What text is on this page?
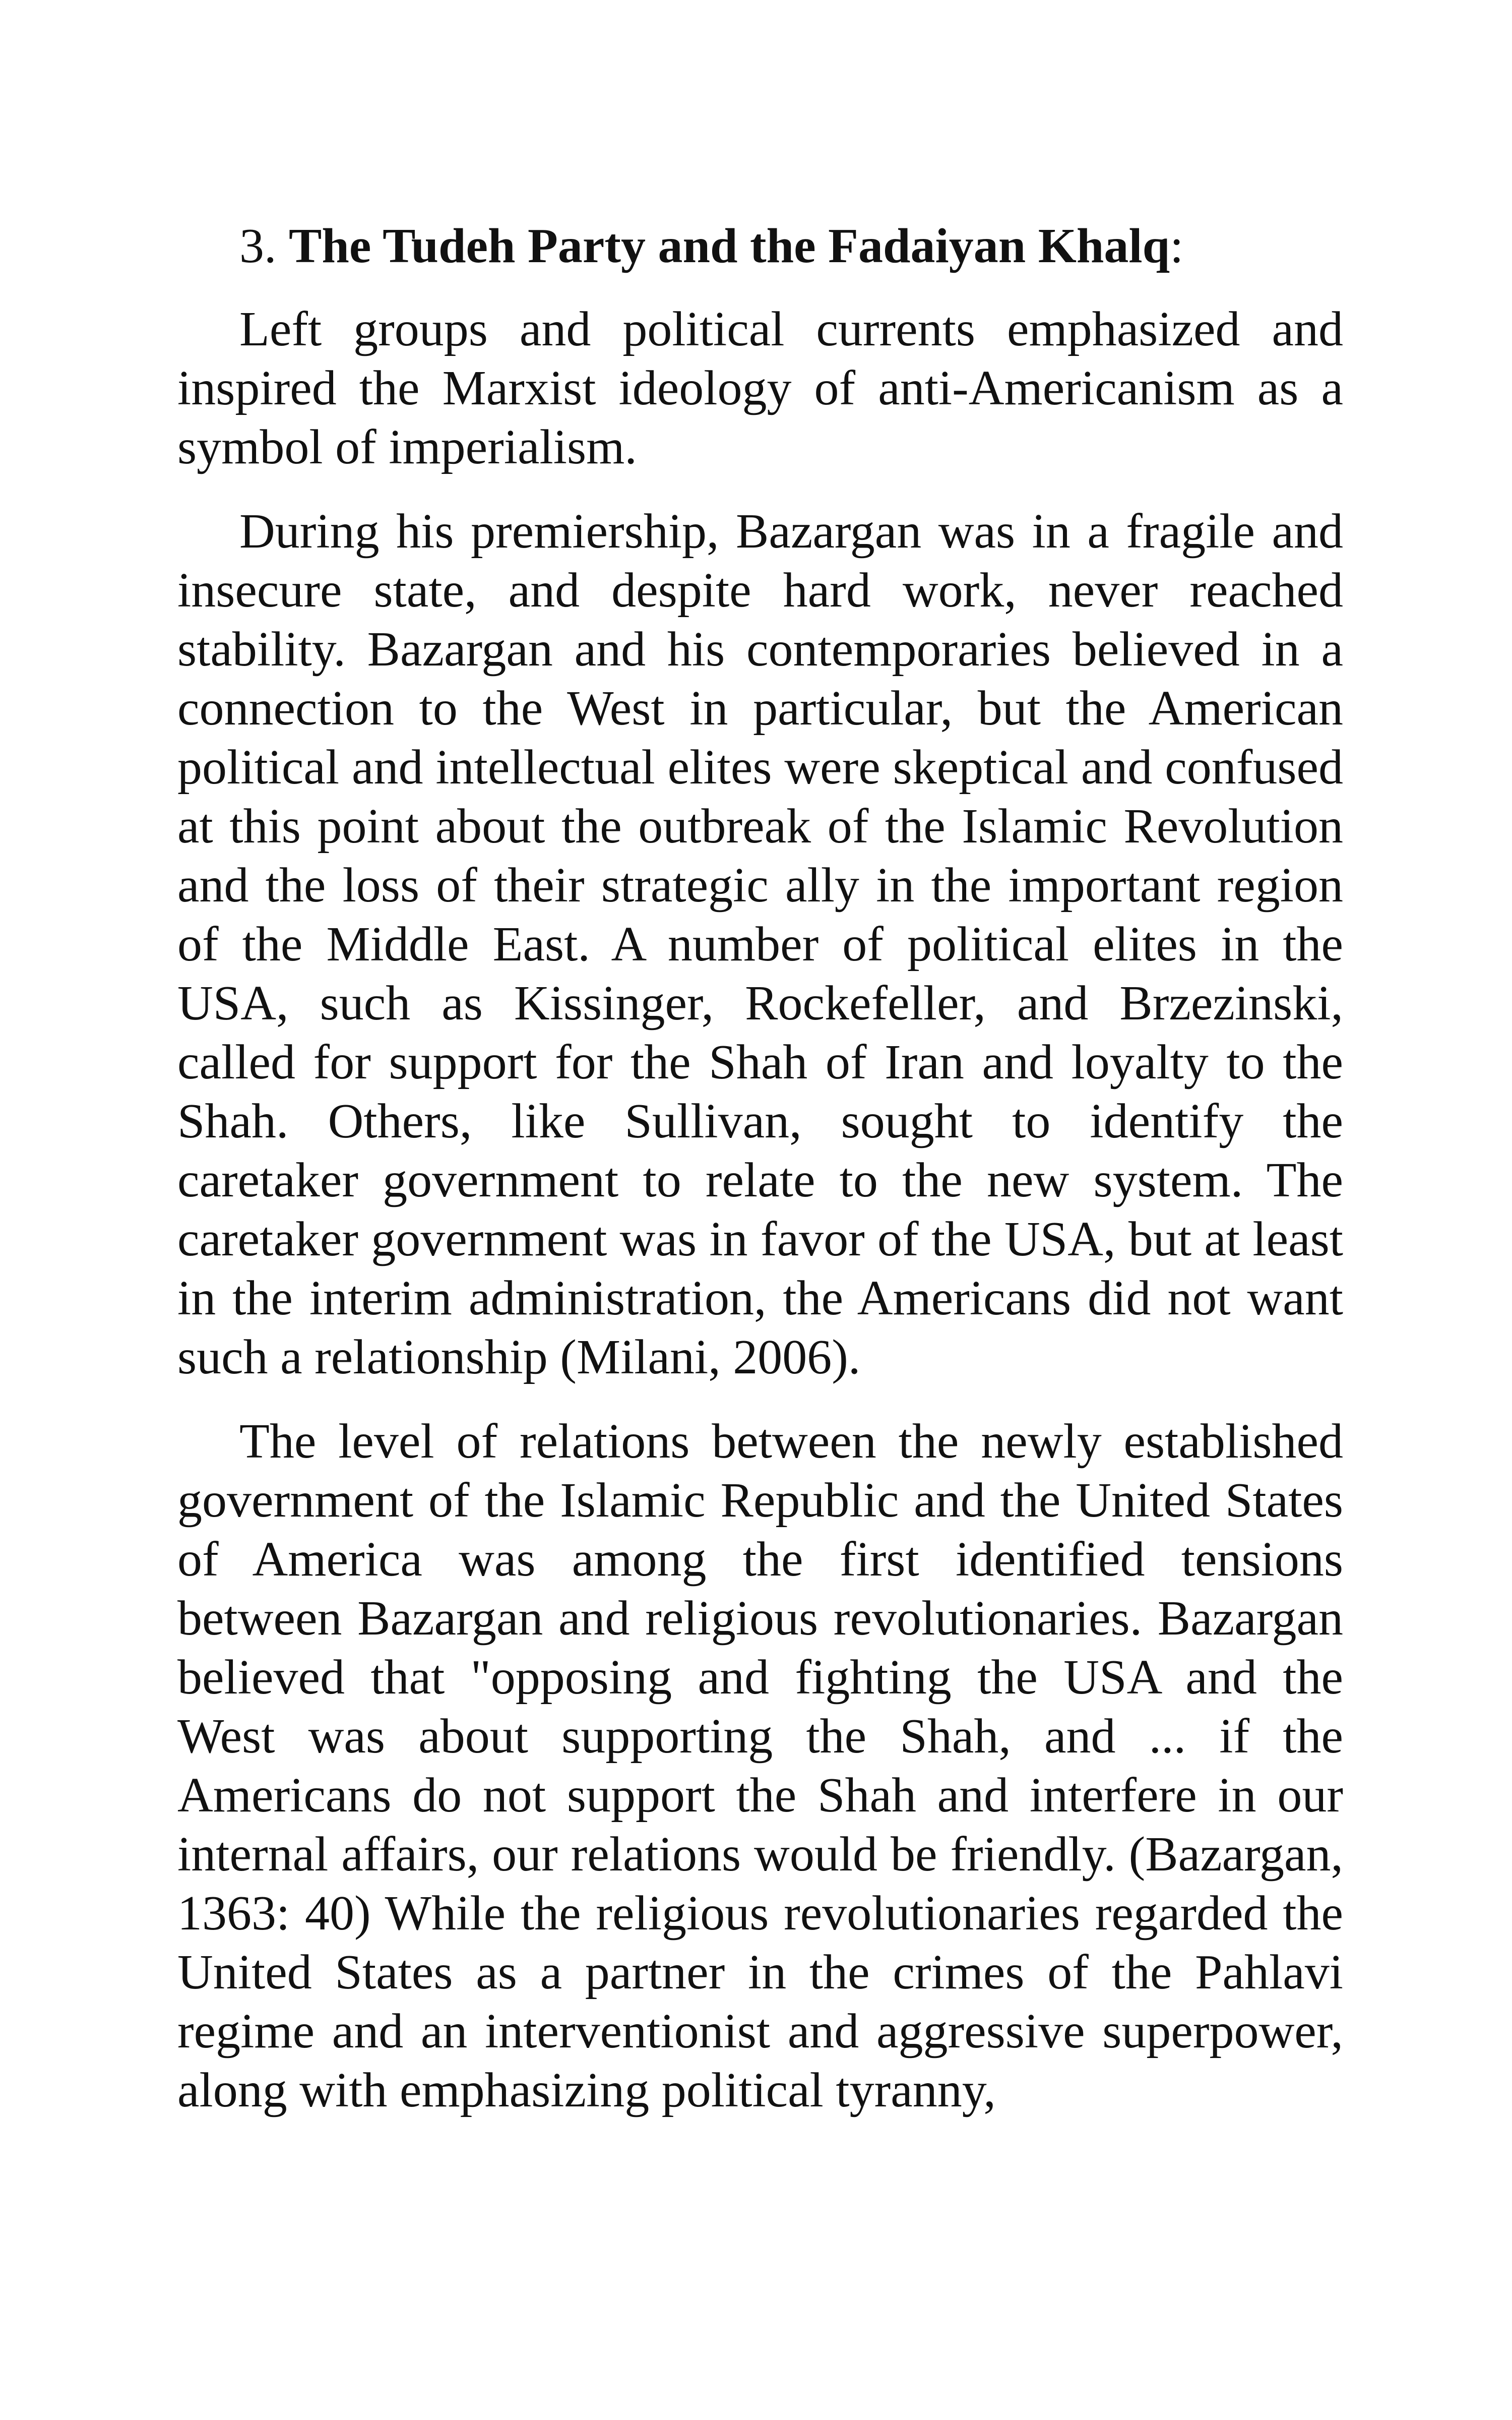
3. The Tudeh Party and the Fadaiyan Khalq:

Left groups and political currents emphasized and inspired the Marxist ideology of anti-Americanism as a symbol of imperialism.

During his premiership, Bazargan was in a fragile and insecure state, and despite hard work, never reached stability. Bazargan and his contemporaries believed in a connection to the West in particular, but the American political and intellectual elites were skeptical and confused at this point about the outbreak of the Islamic Revolution and the loss of their strategic ally in the important region of the Middle East. A number of political elites in the USA, such as Kissinger, Rockefeller, and Brzezinski, called for support for the Shah of Iran and loyalty to the Shah. Others, like Sullivan, sought to identify the caretaker government to relate to the new system. The caretaker government was in favor of the USA, but at least in the interim administration, the Americans did not want such a relationship (Milani, 2006).

The level of relations between the newly established government of the Islamic Republic and the United States of America was among the first identified tensions between Bazargan and religious revolutionaries. Bazargan believed that "opposing and fighting the USA and the West was about supporting the Shah, and ... if the Americans do not support the Shah and interfere in our internal affairs, our relations would be friendly. (Bazargan, 1363: 40) While the religious revolutionaries regarded the United States as a partner in the crimes of the Pahlavi regime and an interventionist and aggressive superpower, along with emphasizing political tyranny,
